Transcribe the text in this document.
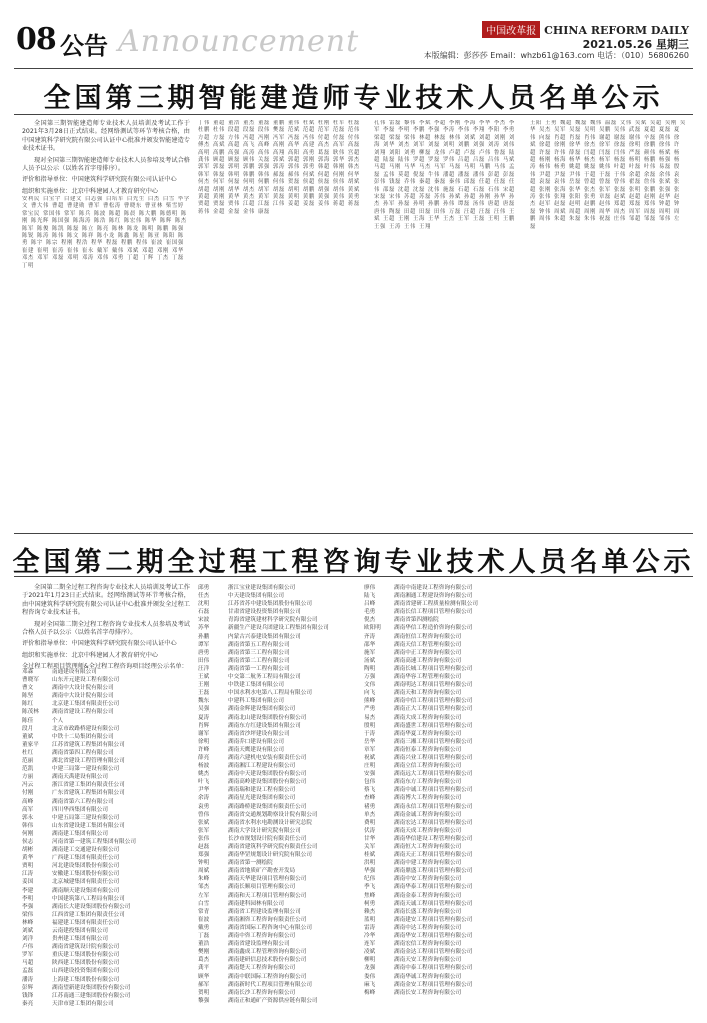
08 公告 Announcement	中国改革报 CHINA REFORM DAILY
2021.05.26 星期三
本版编辑：彭莎莎 Email：whzb61@163.com 电话：（010）56806260
全国第三期智能建造师专业技术人员名单公示

全国第三期智能建造师专业技术人员培训及考试工作于2021年3月28日正式结束。经网络测试等环节考核合格，由中国建筑科学研究院有限公司认证中心批准并颁发智能建造专业技术证书。

现对全国第三期智能建造师专业技术人员参培及考试合格人员予以公示（以姓名首字母排序）。

评价和指导单位：中国建筑科学研究院有限公司认证中心

组织和实施单位：北京中科建园人才教育研究中心

安利民 白宝宇 白建文 白志强 白培军 白先生 白杰 白雪 毕学文 曹大伟 曹超 曹建勋 曹军 曹松涛 曹晓东 曹亚林 柴雪婷常宝民 常国伟 常军 陈兵 陈波 陈超 陈晨 陈大鹏 陈德明 陈刚 陈光辉 陈国强 陈海涛 陈浩 陈红 陈宏伟 陈华 陈辉 陈杰陈军 陈俊 陈凯 陈磊 陈立 陈亮 陈林 陈龙 陈明 陈鹏 陈强陈锐 陈涛 陈伟 陈文 陈祥 陈小龙 陈鑫 陈星 陈亚 陈阳 陈勇 陈宇 陈宗 程刚 程浩 程华 程磊 程鹏 程伟 崔波 崔国强崔建 崔明 崔涛 崔伟 崔永 戴军 戴伟 邓斌 邓超 邓刚 邓华邓杰 邓军 邓磊 邓明 邓涛 邓伟 邓勇 丁超 丁辉 丁杰 丁磊丁明
丁伟 董超 董浩 董杰 董磊 董鹏 董伟 杜斌 杜刚 杜军 杜磊杜鹏 杜伟 段超 段磊 段伟 樊磊 范斌 范超 范军 范磊 范伟方超 方磊 方伟 冯超 冯刚 冯军 冯磊 冯伟 付超 付磊 付伟傅杰 高斌 高超 高飞 高峰 高刚 高华 高建 高杰 高军 高磊高明 高鹏 高强 高涛 高伟 高翔 高阳 高勇 葛磊 耿伟 宫超龚伟 顾超 顾磊 顾伟 关磊 郭斌 郭超 郭刚 郭海 郭华 郭杰郭军 郭磊 郭明 郭鹏 郭强 郭涛 郭伟 郭勇 韩超 韩刚 韩杰韩军 韩磊 韩明 韩鹏 韩伟 郝磊 郝伟 何斌 何超 何刚 何华何杰 何军 何磊 何明 何鹏 何伟 贺磊 侯超 侯磊 侯伟 胡斌胡超 胡刚 胡华 胡杰 胡军 胡磊 胡明 胡鹏 胡强 胡伟 黄斌黄超 黄刚 黄华 黄杰 黄军 黄磊 黄明 黄鹏 黄强 黄伟 黄勇贾超 贾磊 贾伟 江超 江磊 江伟 姜超 姜磊 姜伟 蒋超 蒋磊蒋伟 金超 金磊 金伟 康磊
孔伟 雷磊 黎伟 李斌 李超 李刚 李海 李华 李杰 李军 李磊 李明 李鹏 李强 李涛 李伟 李翔 李阳 李勇梁超 梁磊 梁伟 林超 林磊 林伟 刘斌 刘超 刘刚 刘海 刘华 刘杰 刘军 刘磊 刘明 刘鹏 刘强 刘涛 刘伟刘翔 刘阳 刘勇 柳磊 龙伟 卢超 卢磊 卢伟 鲁磊 陆超 陆磊 陆伟 罗超 罗磊 罗伟 吕超 吕磊 吕伟 马斌马超 马刚 马华 马杰 马军 马磊 马明 马鹏 马伟 孟磊 孟伟 莫超 倪磊 牛伟 潘超 潘磊 潘伟 彭超 彭磊彭伟 钱磊 乔伟 秦超 秦磊 秦伟 邱磊 任超 任磊 任伟 邵磊 沈超 沈磊 沈伟 施磊 石超 石磊 石伟 宋超宋磊 宋伟 苏超 苏磊 苏伟 孙斌 孙超 孙刚 孙华 孙杰 孙军 孙磊 孙明 孙鹏 孙伟 谭磊 汤伟 唐超 唐磊唐伟 陶磊 田超 田磊 田伟 万磊 汪超 汪磊 汪伟 王斌 王超 王刚 王海 王华 王杰 王军 王磊 王明 王鹏王强 王涛 王伟 王翔
王阳 王勇 魏超 魏磊 魏伟 温磊 文伟 吴斌 吴超 吴刚 吴华 吴杰 吴军 吴磊 吴明 吴鹏 吴伟 武磊 夏超 夏磊 夏伟 向磊 肖超 肖磊 肖伟 谢超 谢磊 谢伟 辛磊 熊伟 徐斌 徐超 徐刚 徐华 徐杰 徐军 徐磊 徐明 徐鹏 徐伟 许超 许磊 许伟 薛磊 闫超 闫磊 闫伟 严磊 颜伟 杨斌 杨超 杨刚 杨海 杨华 杨杰 杨军 杨磊 杨明 杨鹏 杨强 杨涛 杨伟 杨勇 姚超 姚磊 姚伟 叶超 叶磊 叶伟 易磊 殷伟 尹超 尹磊 尹伟 于超 于磊 于伟 余超 余磊 余伟 袁超 袁磊 袁伟 岳磊 曾超 曾磊 曾伟 翟磊 詹伟 张斌 张超 张刚 张海 张华 张杰 张军 张磊 张明 张鹏 张强 张涛 张伟 张翔 张阳 张勇 章磊 赵斌 赵超 赵刚 赵华 赵杰 赵军 赵磊 赵明 赵鹏 赵伟 郑超 郑磊 郑伟 钟超 钟磊 钟伟 周斌 周超 周刚 周华 周杰 周军 周磊 周明 周鹏 周伟 朱超 朱磊 朱伟 祝磊 庄伟 邹超 邹磊 邹伟 左磊
全国第二期全过程工程咨询专业技术人员名单公示

全国第二期全过程工程咨询专业技术人员培训及考试工作于2021年1月23日正式结束。经网络测试等环节考核合格，由中国建筑科学研究院有限公司认证中心批准并颁发全过程工程咨询专业技术证书。

现对全国第二期全过程工程咨询专业技术人员参培及考试合格人员予以公示（以姓名首字母排序）。

评价和指导单位：中国建筑科学研究院有限公司认证中心

组织和实施单位：北京中科建园人才教育研究中心

全过程工程项目管理师&全过程工程咨询项目经理公示名单：

邓森	南通建设有限公司
曹晓军 山东开元建设工程有限公司
曹文	湖南中大设计院有限公司
陈坚	湖南中大设计院有限公司
陈红	北京建工集团有限责任公司
陈茂林 湖南省建设工程有限公司
陈佳	个人
段月	北京市政路桥建设有限公司
董斌	中铁十二局集团有限公司
董家平 江苏省建筑工程集团有限公司
杜红	湖南省第四工程有限公司
范丽	湖北省建设工程管理有限公司
范凯	中建三局第一建设有限公司
方丽	湖南天禹建设有限公司
冯云	浙江省建工集团有限责任公司
付刚	广东省建筑工程集团有限公司
高峰	湖南省第六工程有限公司
高军	四川华西集团有限公司
郭永	中建五局第三建设有限公司
韩伟	山东省建设建工集团有限公司
何刚	湖南建工集团有限公司
侯志	河南省第一建筑工程集团有限公司
胡彬	湖南建工交通建设有限公司
黄华	广西建工集团有限责任公司
贾明	河北建设集团股份有限公司
江涛	安徽建工集团股份有限公司
姜国	北京城建集团有限责任公司
李建	湖南顺天建设集团有限公司
李明	中国建筑第八工程局有限公司
李强	湖南长大建设集团股份有限公司
梁伟	江西省建工集团有限责任公司
林峰	福建建工集团有限责任公司
刘斌	云南建投集团有限公司
刘洋	贵州建工集团有限公司
卢伟	湖南省建筑设计院有限公司
罗军	重庆建工集团股份有限公司
马超	陕西建工集团股份有限公司
孟磊	山西建设投资集团有限公司
潘涛	上海建工集团股份有限公司
彭辉	湖南望新建设集团股份有限公司
钱锋	江苏南通三建集团股份有限公司
秦亮	天津市建工集团有限公司
邱勇	浙江宝业建设集团有限公司
任杰	中天建设集团有限公司
沈明	江苏省苏中建设集团股份有限公司
石磊	甘肃省建设投资集团有限公司
宋波	青海省建筑建材科学研究院有限公司
苏华	新疆生产建设兵团建设工程集团有限公司
孙鹏	内蒙古兴泰建设集团有限公司
谭军	湖南省第五工程有限公司
唐勇	湖南省第三工程有限公司
田伟	湖南省第二工程有限公司
汪洋	湖南省第一工程有限公司
王斌	中交第二航务工程局有限公司
王刚	中铁建工集团有限公司
王磊	中国水利水电第八工程局有限公司
魏东	中建科工集团有限公司
吴强	湖南金辉建设集团有限公司
夏涛	湖南北山建设集团股份有限公司
肖辉	湖南东方红建设集团有限公司
谢军	湖南省沙坪建设有限公司
徐明	湖南乔口建设有限公司
许峰	湖南天鹰建设有限公司
薛亮	湖南六建机电安装有限责任公司
杨波	湖南湘江工程建设有限公司
姚杰	湖南中天建设集团股份有限公司
叶飞	湖南高岭建设集团股份有限公司
尹华	湖南瑞和建设工程有限公司
余涛	湖南星光建设集团有限公司
袁勇	湖南路桥建设集团有限责任公司
曾伟	湖南省交通规划勘察设计院有限公司
张斌	湖南省水利水电勘测设计研究总院
张军	湖南大学设计研究院有限公司
张伟	长沙市规划设计院有限责任公司
赵磊	湖南省建筑科学研究院有限责任公司
郑强	湖南华罡规划设计研究院有限公司
钟明	湖南省第一测绘院
周斌	湖南省地质矿产勘查开发局
朱峰	湖南天华建设项目管理有限公司
邹杰	湖南长顺项目管理有限公司
左军	湖南和天工程项目管理有限公司
白雪	湖南建科园林有限公司
常青	湖南省工程建设监理有限公司
崔波	湖南湘咨工程咨询有限责任公司
戴勇	湖南省国际工程咨询中心有限公司
丁磊	湖南中咨工程咨询有限公司
董浩	湖南省建设监理有限公司
樊刚	湖南鑫成工程管理咨询有限公司
葛杰	湖南建研信息技术股份有限公司
龚平	湖南楚天工程咨询有限公司
顾华	湖南中联国际工程咨询有限公司
郝军	湖南新时代工程项目管理有限公司
贺明	湖南长沙工程咨询有限公司
黎强	湖南正和通矿产资源供应链有限公司
廖伟	湖南中南建设工程咨询有限公司
陆飞	湖南湘通工程建设咨询有限公司
吕峰	湖南省建研工程质量检测有限公司
毛勇	湖南长信工程项目管理有限公司
倪杰	湖南省第四测绘院
欧阳明 湖南华信工程造价咨询有限公司
齐涛	湖南恒信工程咨询有限公司
邵华	湖南天信工程管理有限公司
施军	湖南中正工程咨询有限公司
汤斌	湖南高速工程咨询有限公司
陶明	湖南长城工程项目管理有限公司
万强	湖南华容工程管理有限公司
文伟	湖南明达工程项目管理有限公司
向飞	湖南天和工程咨询有限公司
熊峰	湖南中信工程项目管理有限公司
严勇	湖南正大工程项目管理有限公司
易杰	湖南大成工程咨询有限公司
殷明	湖南盛世工程项目管理有限公司
于涛	湖南华夏工程咨询有限公司
岳华	湖南三湘工程项目管理有限公司
章军	湖南恒泰工程咨询有限公司
祝斌	湖南兴业工程项目管理有限公司
庄明	湖南立信工程咨询有限公司
安强	湖南远大工程项目管理有限公司
包伟	湖南东方工程咨询有限公司
蔡飞	湖南中诚工程项目管理有限公司
查峰	湖南博大工程咨询有限公司
褚勇	湖南永信工程项目管理有限公司
单杰	湖南金诚工程咨询有限公司
费明	湖南宏达工程项目管理有限公司
伏涛	湖南天成工程咨询有限公司
甘华	湖南华信建设工程管理有限公司
关军	湖南恒大工程咨询有限公司
桂斌	湖南天正工程项目管理有限公司
洪明	湖南中建工程咨询有限公司
华强	湖南鼎盛工程项目管理有限公司
纪伟	湖南中安工程咨询有限公司
季飞	湖南华泰工程项目管理有限公司
焦峰	湖南金泰工程咨询有限公司
柯勇	湖南天诚工程项目管理有限公司
赖杰	湖南长盛工程咨询有限公司
蓝明	湖南建安工程项目管理有限公司
雷涛	湖南中达工程咨询有限公司
冷华	湖南华安工程项目管理有限公司
连军	湖南宏信工程咨询有限公司
凌斌	湖南金达工程项目管理有限公司
柳明	湖南天安工程咨询有限公司
龙强	湖南中泰工程项目管理有限公司
娄伟	湖南华诚工程咨询有限公司
麻飞	湖南金安工程项目管理有限公司
梅峰	湖南长安工程咨询有限公司
